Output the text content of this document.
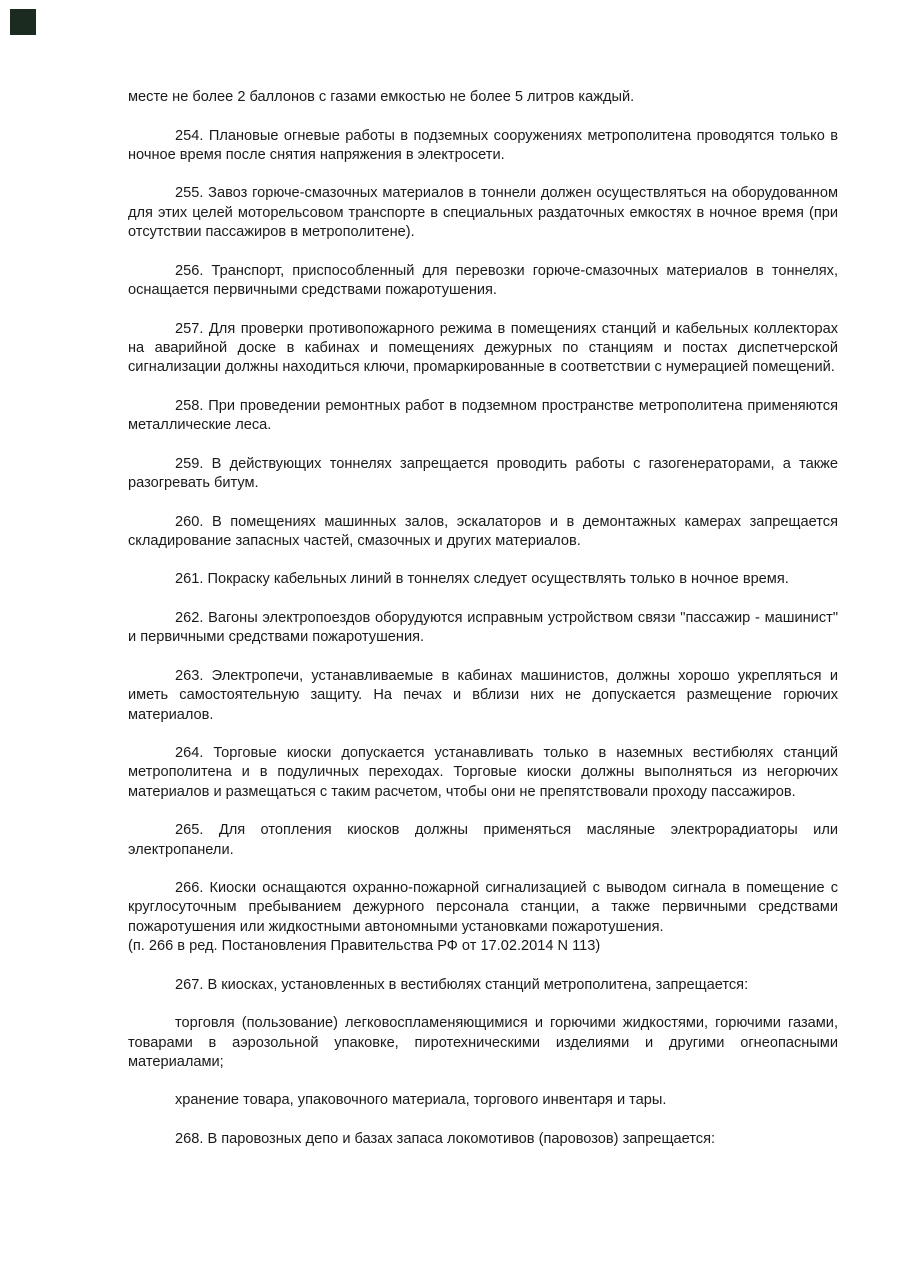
месте не более 2 баллонов с газами емкостью не более 5 литров каждый.

254. Плановые огневые работы в подземных сооружениях метрополитена проводятся только в ночное время после снятия напряжения в электросети.

255. Завоз горюче-смазочных материалов в тоннели должен осуществляться на оборудованном для этих целей моторельсовом транспорте в специальных раздаточных емкостях в ночное время (при отсутствии пассажиров в метрополитене).

256. Транспорт, приспособленный для перевозки горюче-смазочных материалов в тоннелях, оснащается первичными средствами пожаротушения.

257. Для проверки противопожарного режима в помещениях станций и кабельных коллекторах на аварийной доске в кабинах и помещениях дежурных по станциям и постах диспетчерской сигнализации должны находиться ключи, промаркированные в соответствии с нумерацией помещений.

258. При проведении ремонтных работ в подземном пространстве метрополитена применяются металлические леса.

259. В действующих тоннелях запрещается проводить работы с газогенераторами, а также разогревать битум.

260. В помещениях машинных залов, эскалаторов и в демонтажных камерах запрещается складирование запасных частей, смазочных и других материалов.

261. Покраску кабельных линий в тоннелях следует осуществлять только в ночное время.

262. Вагоны электропоездов оборудуются исправным устройством связи "пассажир - машинист" и первичными средствами пожаротушения.

263. Электропечи, устанавливаемые в кабинах машинистов, должны хорошо укрепляться и иметь самостоятельную защиту. На печах и вблизи них не допускается размещение горючих материалов.

264. Торговые киоски допускается устанавливать только в наземных вестибюлях станций метрополитена и в подуличных переходах. Торговые киоски должны выполняться из негорючих материалов и размещаться с таким расчетом, чтобы они не препятствовали проходу пассажиров.

265. Для отопления киосков должны применяться масляные электрорадиаторы или электропанели.

266. Киоски оснащаются охранно-пожарной сигнализацией с выводом сигнала в помещение с круглосуточным пребыванием дежурного персонала станции, а также первичными средствами пожаротушения или жидкостными автономными установками пожаротушения.

(п. 266 в ред. Постановления Правительства РФ от 17.02.2014 N 113)

267. В киосках, установленных в вестибюлях станций метрополитена, запрещается:

торговля (пользование) легковоспламеняющимися и горючими жидкостями, горючими газами, товарами в аэрозольной упаковке, пиротехническими изделиями и другими огнеопасными материалами;

хранение товара, упаковочного материала, торгового инвентаря и тары.

268. В паровозных депо и базах запаса локомотивов (паровозов) запрещается:
